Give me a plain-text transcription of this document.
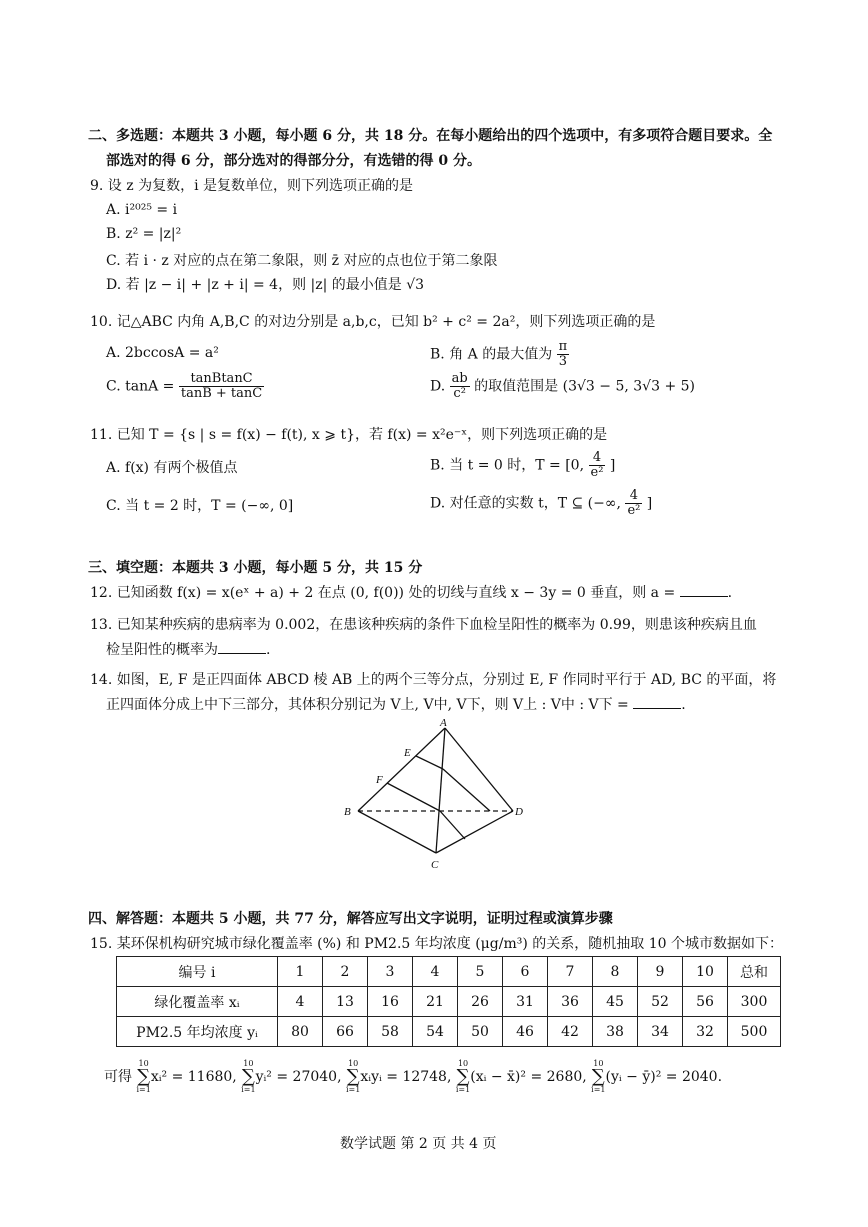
二、多选题：本题共 3 小题，每小题 6 分，共 18 分。在每小题给出的四个选项中，有多项符合题目要求。全
部选对的得 6 分，部分选对的得部分分，有选错的得 0 分。
9. 设 z 为复数，i 是复数单位，则下列选项正确的是
A. i²⁰²⁵ = i
B. z² = |z|²
C. 若 i · z 对应的点在第二象限，则 z̄ 对应的点也位于第二象限
D. 若 |z − i| + |z + i| = 4，则 |z| 的最小值是 √3
10. 记△ABC 内角 A,B,C 的对边分别是 a,b,c，已知 b² + c² = 2a²，则下列选项正确的是
A. 2bccosA = a²	B. 角 A 的最大值为 $\frac{\pi}{3}$
C. $\tan A = \frac{\text{tanBtanC}}{\tan B + \tan C}$	D. $\frac{ab}{\text{c²}}$ 的取值范围是 (3√3 − 5, 3√3 + 5)
11. 已知 T = {s | s = f(x) − f(t), x ⩾ t}，若 f(x) = x²e⁻ˣ，则下列选项正确的是
A. f(x) 有两个极值点	B. 当 t = 0 时，T = [0, $\frac{4}{\text{e²}}$ ]
C. 当 t = 2 时，T = (−∞, 0]	D. 对任意的实数 t，T ⊆ (−∞, $\frac{4}{\text{e²}}$ ]
三、填空题：本题共 3 小题，每小题 5 分，共 15 分
12. 已知函数 f(x) = x(eˣ + a) + 2 在点 (0, f(0)) 处的切线与直线 x − 3y = 0 垂直，则 a =	.
13. 已知某种疾病的患病率为 0.002，在患该种疾病的条件下血检呈阳性的概率为 0.99，则患该种疾病且血
检呈阳性的概率为	.
14. 如图，E, F 是正四面体 ABCD 棱 AB 上的两个三等分点，分别过 E, F 作同时平行于 AD, BC 的平面，将
正四面体分成上中下三部分，其体积分别记为 V上, V中, V下，则 V上 : V中 : V下 =	.
A
E
F
B	D
C
四、解答题：本题共 5 小题，共 77 分，解答应写出文字说明，证明过程或演算步骤
15. 某环保机构研究城市绿化覆盖率 (%) 和 PM2.5 年均浓度 (μg/m³) 的关系，随机抽取 10 个城市数据如下：
编号 i	1	2	3	4	5	6	7	8	9	10	总和
绿化覆盖率 xᵢ	4	13	16	21	26	31	36	45	52	56	300
PM2.5 年均浓度 yᵢ	80	66	58	54	50	46	42	38	34	32	500
可得 10
∑
i=1xᵢ² = 11680, 10
∑
i=1yᵢ² = 27040, 10
∑
i=1xᵢyᵢ = 12748, 10
∑
i=1(xᵢ − x̄)² = 2680, 10
∑
i=1(yᵢ − ȳ)² = 2040.
数学试题 第 2 页 共 4 页
